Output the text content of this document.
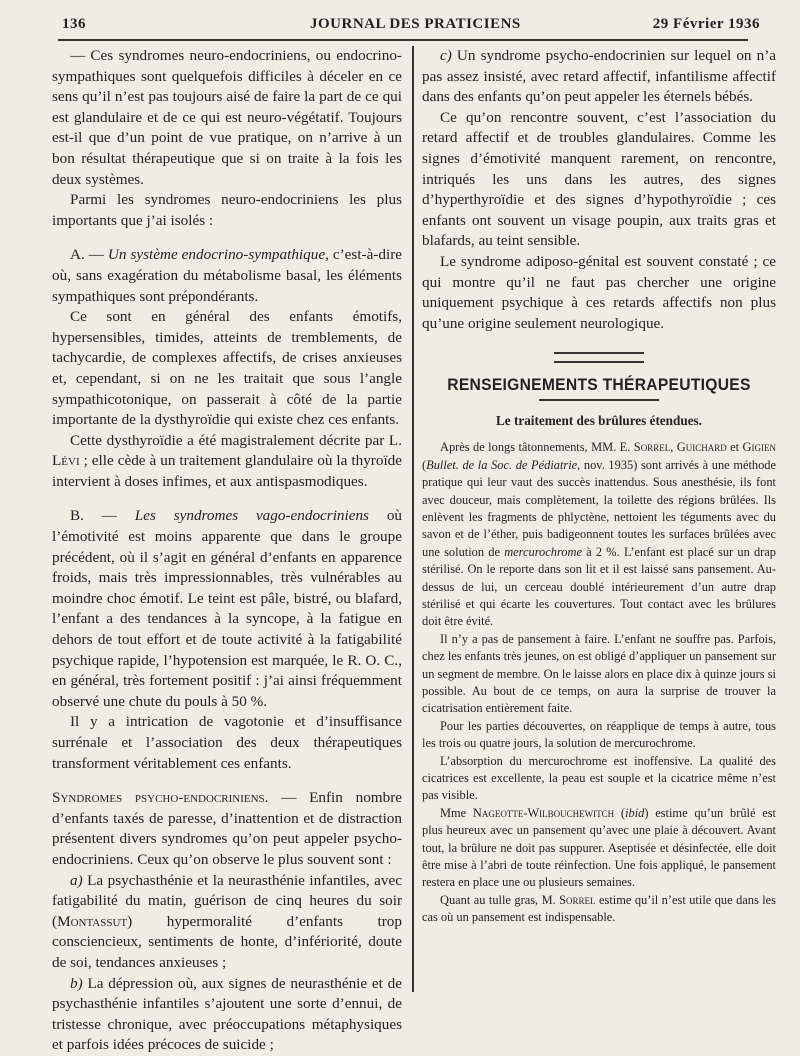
136	JOURNAL DES PRATICIENS	29 Février 1936

— Ces syndromes neuro-endocriniens, ou endocrino-sympathiques sont quelquefois difficiles à déceler en ce sens qu’il n’est pas toujours aisé de faire la part de ce qui est glandulaire et de ce qui est neuro-végétatif. Toujours est-il que d’un point de vue pratique, on n’arrive à un bon résultat thérapeutique que si on traite à la fois les deux systèmes.

Parmi les syndromes neuro-endocriniens les plus importants que j’ai isolés :

A. — Un système endocrino-sympathique, c’est-à-dire où, sans exagération du métabolisme basal, les éléments sympathiques sont prépondérants.

Ce sont en général des enfants émotifs, hypersensibles, timides, atteints de tremblements, de tachycardie, de complexes affectifs, de crises anxieuses et, cependant, si on ne les traitait que sous l’angle sympathicotonique, on passerait à côté de la partie importante de la dysthyroïdie qui existe chez ces enfants.

Cette dysthyroïdie a été magistralement décrite par L. Lévi ; elle cède à un traitement glandulaire où la thyroïde intervient à doses infimes, et aux antispasmodiques.

B. — Les syndromes vago-endocriniens où l’émotivité est moins apparente que dans le groupe précédent, où il s’agit en général d’enfants en apparence froids, mais très impressionnables, très vulnérables au moindre choc émotif. Le teint est pâle, bistré, ou blafard, l’enfant a des tendances à la syncope, à la fatigue en dehors de tout effort et de toute activité à la fatigabilité psychique rapide, l’hypotension est marquée, le R. O. C., en général, très fortement positif : j’ai ainsi fréquemment observé une chute du pouls à 50 %.

Il y a intrication de vagotonie et d’insuffisance surrénale et l’association des deux thérapeutiques transforment véritablement ces enfants.

Syndromes psycho-endocriniens. — Enfin nombre d’enfants taxés de paresse, d’inattention et de distraction présentent divers syndromes qu’on peut appeler psycho-endocriniens. Ceux qu’on observe le plus souvent sont :

a) La psychasthénie et la neurasthénie infantiles, avec fatigabilité du matin, guérison de cinq heures du soir (Montassut) hypermoralité d’enfants trop consciencieux, sentiments de honte, d’infériorité, doute de soi, tendances anxieuses ;

b) La dépression où, aux signes de neurasthénie et de psychasthénie infantiles s’ajoutent une sorte d’ennui, de tristesse chronique, avec préoccupations métaphysiques et parfois idées précoces de suicide ;

c) Un syndrome psycho-endocrinien sur lequel on n’a pas assez insisté, avec retard affectif, infantilisme affectif dans des enfants qu’on peut appeler les éternels bébés.

Ce qu’on rencontre souvent, c’est l’association du retard affectif et de troubles glandulaires. Comme les signes d’émotivité manquent rarement, on rencontre, intriqués les uns dans les autres, des signes d’hyperthyroïdie et des signes d’hypothyroïdie ; ces enfants ont souvent un visage poupin, aux traits gras et blafards, au teint sensible.

Le syndrome adiposo-génital est souvent constaté ; ce qui montre qu’il ne faut pas chercher une origine uniquement psychique à ces retards affectifs non plus qu’une origine seulement neurologique.

RENSEIGNEMENTS THÉRAPEUTIQUES

Le traitement des brûlures étendues.

Après de longs tâtonnements, MM. E. Sorrel, Guichard et Gigien (Bullet. de la Soc. de Pédiatrie, nov. 1935) sont arrivés à une méthode pratique qui leur vaut des succès inattendus. Sous anesthésie, ils font avec douceur, mais complètement, la toilette des régions brûlées. Ils enlèvent les fragments de phlyctène, nettoient les téguments avec du savon et de l’éther, puis badigeonnent toutes les surfaces brûlées avec une solution de mercurochrome à 2 %. L’enfant est placé sur un drap stérilisé. On le reporte dans son lit et il est laissé sans pansement. Au-dessus de lui, un cerceau doublé intérieurement d’un autre drap stérilisé et qui écarte les couvertures. Tout contact avec les brûlures doit être évité.

Il n’y a pas de pansement à faire. L’enfant ne souffre pas. Parfois, chez les enfants très jeunes, on est obligé d’appliquer un pansement sur un segment de membre. On le laisse alors en place dix à quinze jours si possible. Au bout de ce temps, on aura la surprise de trouver la cicatrisation entièrement faite.

Pour les parties découvertes, on réapplique de temps à autre, tous les trois ou quatre jours, la solution de mercurochrome.

L’absorption du mercurochrome est inoffensive. La qualité des cicatrices est excellente, la peau est souple et la cicatrice même n’est pas visible.

Mme Nageotte-Wilbouchewitch (ibid) estime qu’un brûlé est plus heureux avec un pansement qu’avec une plaie à découvert. Avant tout, la brûlure ne doit pas suppurer. Aseptisée et désinfectée, elle doit être mise à l’abri de toute réinfection. Une fois appliqué, le pansement restera en place une ou plusieurs semaines.

Quant au tulle gras, M. Sorrel estime qu’il n’est utile que dans les cas où un pansement est indispensable.
